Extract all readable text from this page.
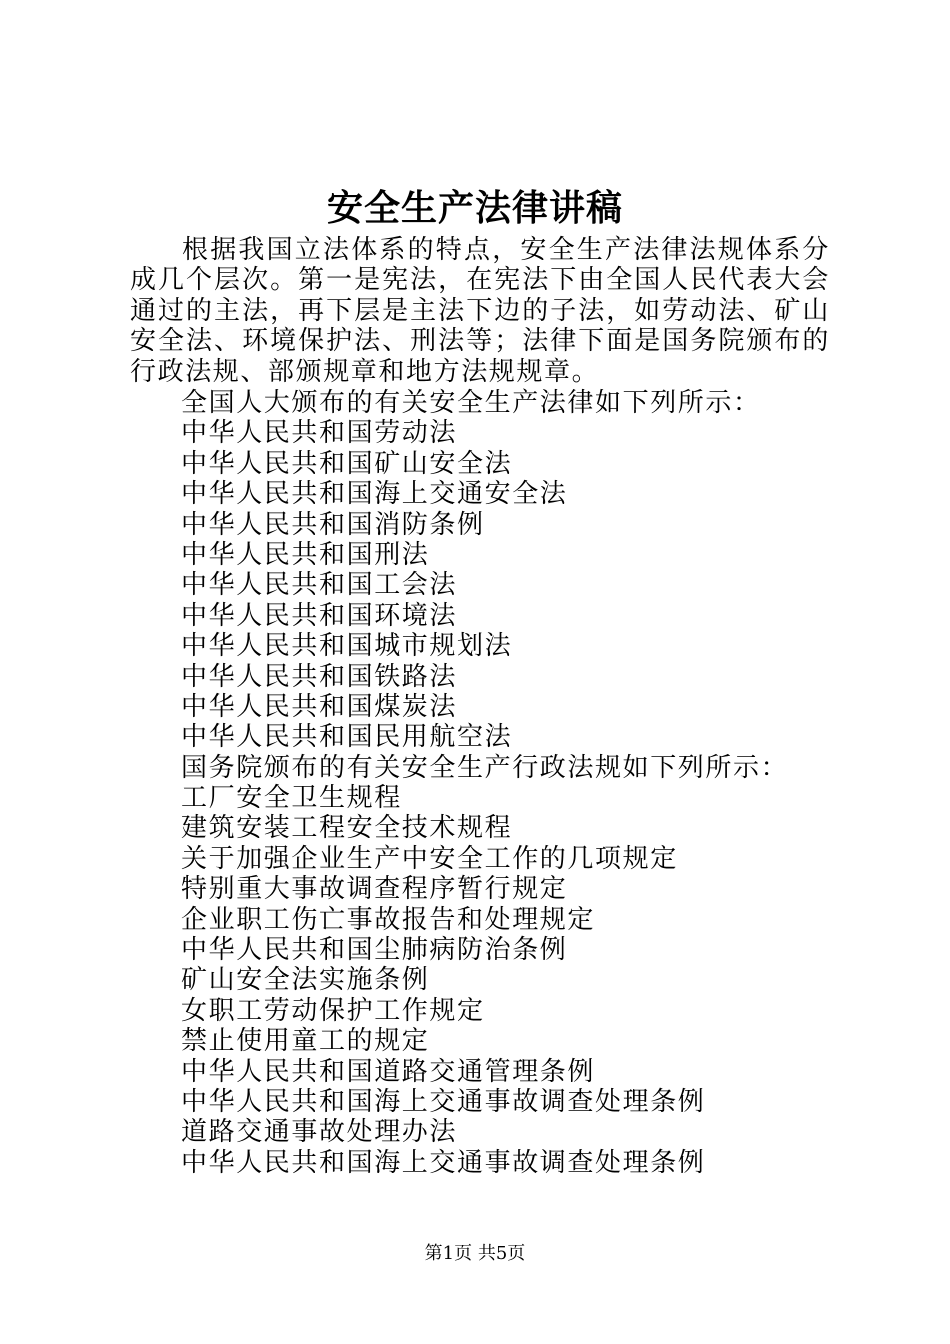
安全生产法律讲稿

根据我国立法体系的特点，安全生产法律法规体系分成几个层次。第一是宪法，在宪法下由全国人民代表大会通过的主法，再下层是主法下边的子法，如劳动法、矿山安全法、环境保护法、刑法等；法律下面是国务院颁布的行政法规、部颁规章和地方法规规章。

全国人大颁布的有关安全生产法律如下列所示：
中华人民共和国劳动法
中华人民共和国矿山安全法
中华人民共和国海上交通安全法
中华人民共和国消防条例
中华人民共和国刑法
中华人民共和国工会法
中华人民共和国环境法
中华人民共和国城市规划法
中华人民共和国铁路法
中华人民共和国煤炭法
中华人民共和国民用航空法
国务院颁布的有关安全生产行政法规如下列所示：
工厂安全卫生规程
建筑安装工程安全技术规程
关于加强企业生产中安全工作的几项规定
特别重大事故调查程序暂行规定
企业职工伤亡事故报告和处理规定
中华人民共和国尘肺病防治条例
矿山安全法实施条例
女职工劳动保护工作规定
禁止使用童工的规定
中华人民共和国道路交通管理条例
中华人民共和国海上交通事故调查处理条例
道路交通事故处理办法
中华人民共和国海上交通事故调查处理条例
第1页 共5页
